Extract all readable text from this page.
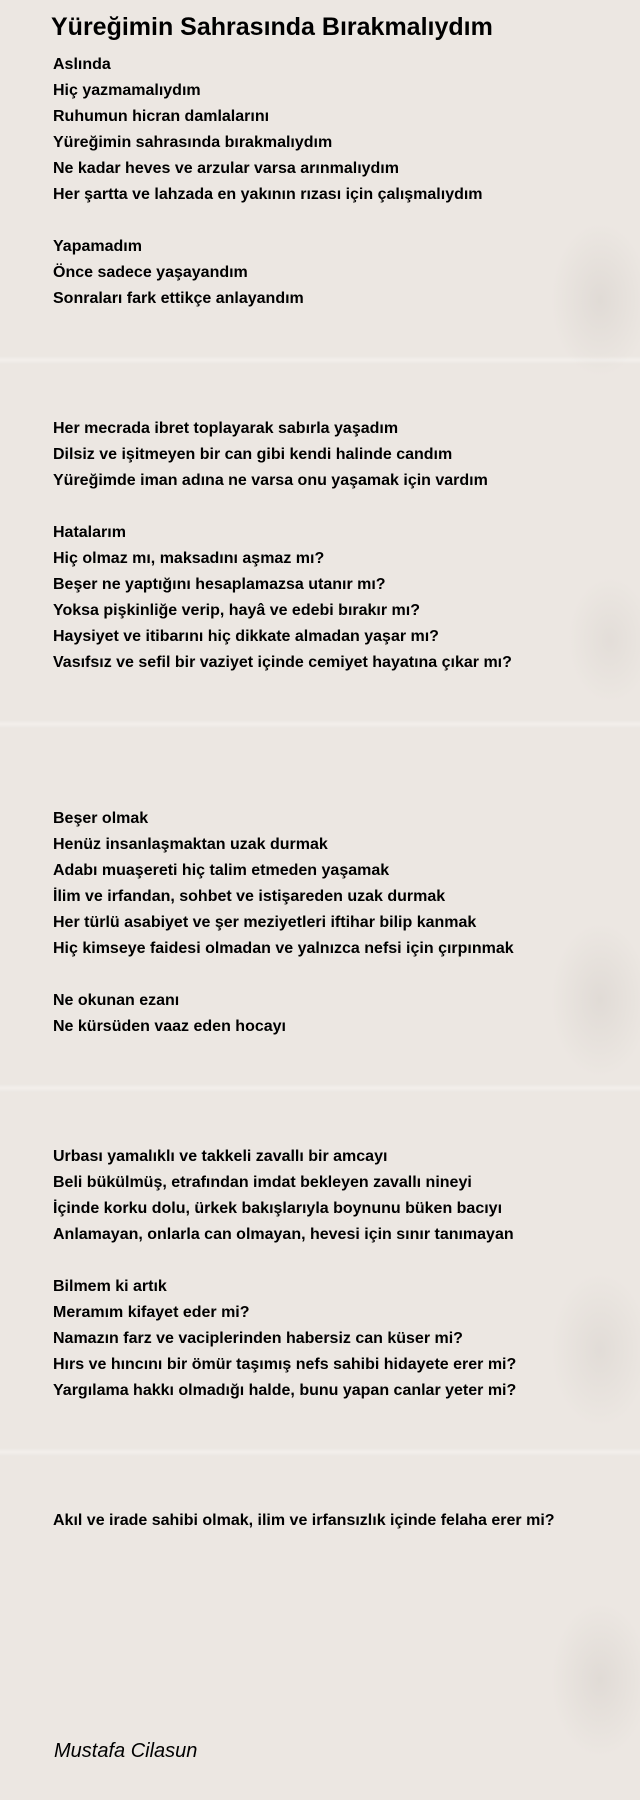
Yüreğimin Sahrasında Bırakmalıydım
Aslında
Hiç yazmamalıydım
Ruhumun hicran damlalarını
Yüreğimin sahrasında bırakmalıydım
Ne kadar heves ve arzular varsa arınmalıydım
Her şartta ve lahzada en yakının rızası için çalışmalıydım
Yapamadım
Önce sadece yaşayandım
Sonraları fark ettikçe anlayandım
Her mecrada ibret toplayarak sabırla yaşadım
Dilsiz ve işitmeyen bir can gibi kendi halinde candım
Yüreğimde iman adına ne varsa onu yaşamak için vardım
Hatalarım
Hiç olmaz mı, maksadını aşmaz mı?
Beşer ne yaptığını hesaplamazsa utanır mı?
Yoksa pişkinliğe verip, hayâ ve edebi bırakır mı?
Haysiyet ve itibarını hiç dikkate almadan yaşar mı?
Vasıfsız ve sefil bir vaziyet içinde cemiyet hayatına çıkar mı?
Beşer olmak
Henüz insanlaşmaktan uzak durmak
Adabı muaşereti hiç talim etmeden yaşamak
İlim ve irfandan, sohbet ve istişareden uzak durmak
Her türlü asabiyet ve şer meziyetleri iftihar bilip kanmak
Hiç kimseye faidesi olmadan ve yalnızca nefsi için çırpınmak
Ne okunan ezanı
Ne kürsüden vaaz eden hocayı
Urbası yamalıklı ve takkeli zavallı bir amcayı
Beli bükülmüş, etrafından imdat bekleyen zavallı nineyi
İçinde korku dolu, ürkek bakışlarıyla boynunu büken bacıyı
Anlamayan, onlarla can olmayan, hevesi için sınır tanımayan
Bilmem ki artık
Meramım kifayet eder mi?
Namazın farz ve vaciplerinden habersiz can küser mi?
Hırs ve hıncını bir ömür taşımış nefs sahibi hidayete erer mi?
Yargılama hakkı olmadığı halde, bunu yapan canlar yeter mi?
Akıl ve irade sahibi olmak, ilim ve irfansızlık içinde felaha erer mi?
Mustafa Cilasun
